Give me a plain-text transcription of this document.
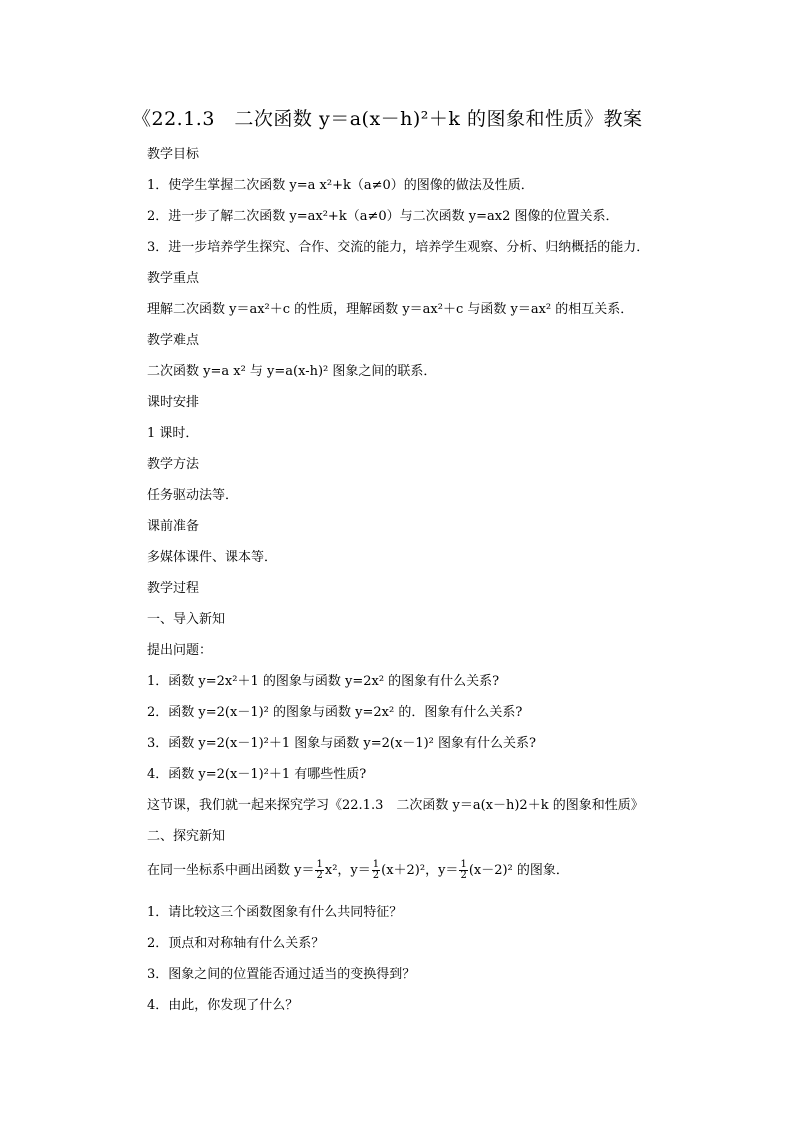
《22.1.3　二次函数 y＝a(x－h)²＋k 的图象和性质》教案
教学目标
1．使学生掌握二次函数 y=a x²+k（a≠0）的图像的做法及性质．
2．进一步了解二次函数 y=ax²+k（a≠0）与二次函数 y=ax2 图像的位置关系．
3．进一步培养学生探究、合作、交流的能力，培养学生观察、分析、归纳概括的能力．
教学重点
理解二次函数 y＝ax²＋c 的性质，理解函数 y＝ax²＋c 与函数 y＝ax² 的相互关系．
教学难点
二次函数 y=a x² 与 y=a(x-h)² 图象之间的联系．
课时安排
1 课时．
教学方法
任务驱动法等．
课前准备
多媒体课件、课本等．
教学过程
一、导入新知
提出问题：
1．函数 y=2x²＋1 的图象与函数 y=2x² 的图象有什么关系?
2．函数 y=2(x－1)² 的图象与函数 y=2x² 的．图象有什么关系?
3．函数 y=2(x－1)²＋1 图象与函数 y=2(x－1)² 图象有什么关系?
4．函数 y=2(x－1)²＋1 有哪些性质?
这节课，我们就一起来探究学习《22.1.3　二次函数 y＝a(x－h)2＋k 的图象和性质》
二、探究新知
在同一坐标系中画出函数 $y= \frac{1}{2} x^2$，$y= \frac{1}{2} (x+2)^2$，$y= \frac{1}{2} (x-2)^2$ 的图象．
1．请比较这三个函数图象有什么共同特征？
2．顶点和对称轴有什么关系？
3．图象之间的位置能否通过适当的变换得到？
4．由此，你发现了什么？
